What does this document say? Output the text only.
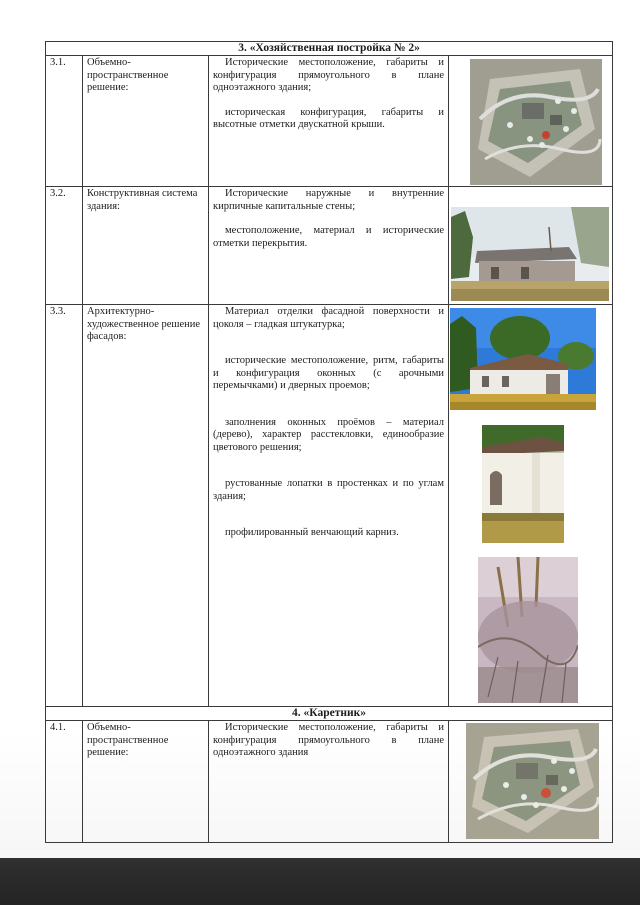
3. «Хозяйственная постройка № 2»			
3.1.	Объемно-пространственное решение:	Исторические местоположение, габариты и конфигурация прямоугольного в плане одноэтажного здания;

историческая конфигурация, габариты и высотные отметки двускатной крыши.

3.2.	Конструктивная система здания:	Исторические наружные и внутренние кирпичные капитальные стены;

местоположение, материал и исторические отметки перекрытия.

3.3.	Архитектурно-художественное решение фасадов:	Материал отделки фасадной поверхности и цоколя – гладкая штукатурка;

исторические местоположение, ритм, габариты и конфигурация оконных (с арочными перемычками) и дверных проемов;

заполнения оконных проёмов – материал (дерево), характер расстекловки, единообразие цветового решения;

рустованные лопатки в простенках и по углам здания;

профилированный венчающий карниз.

4. «Каретник»			
4.1.	Объемно-пространственное решение:	Исторические местоположение, габариты и конфигурация прямоугольного в плане одноэтажного здания
